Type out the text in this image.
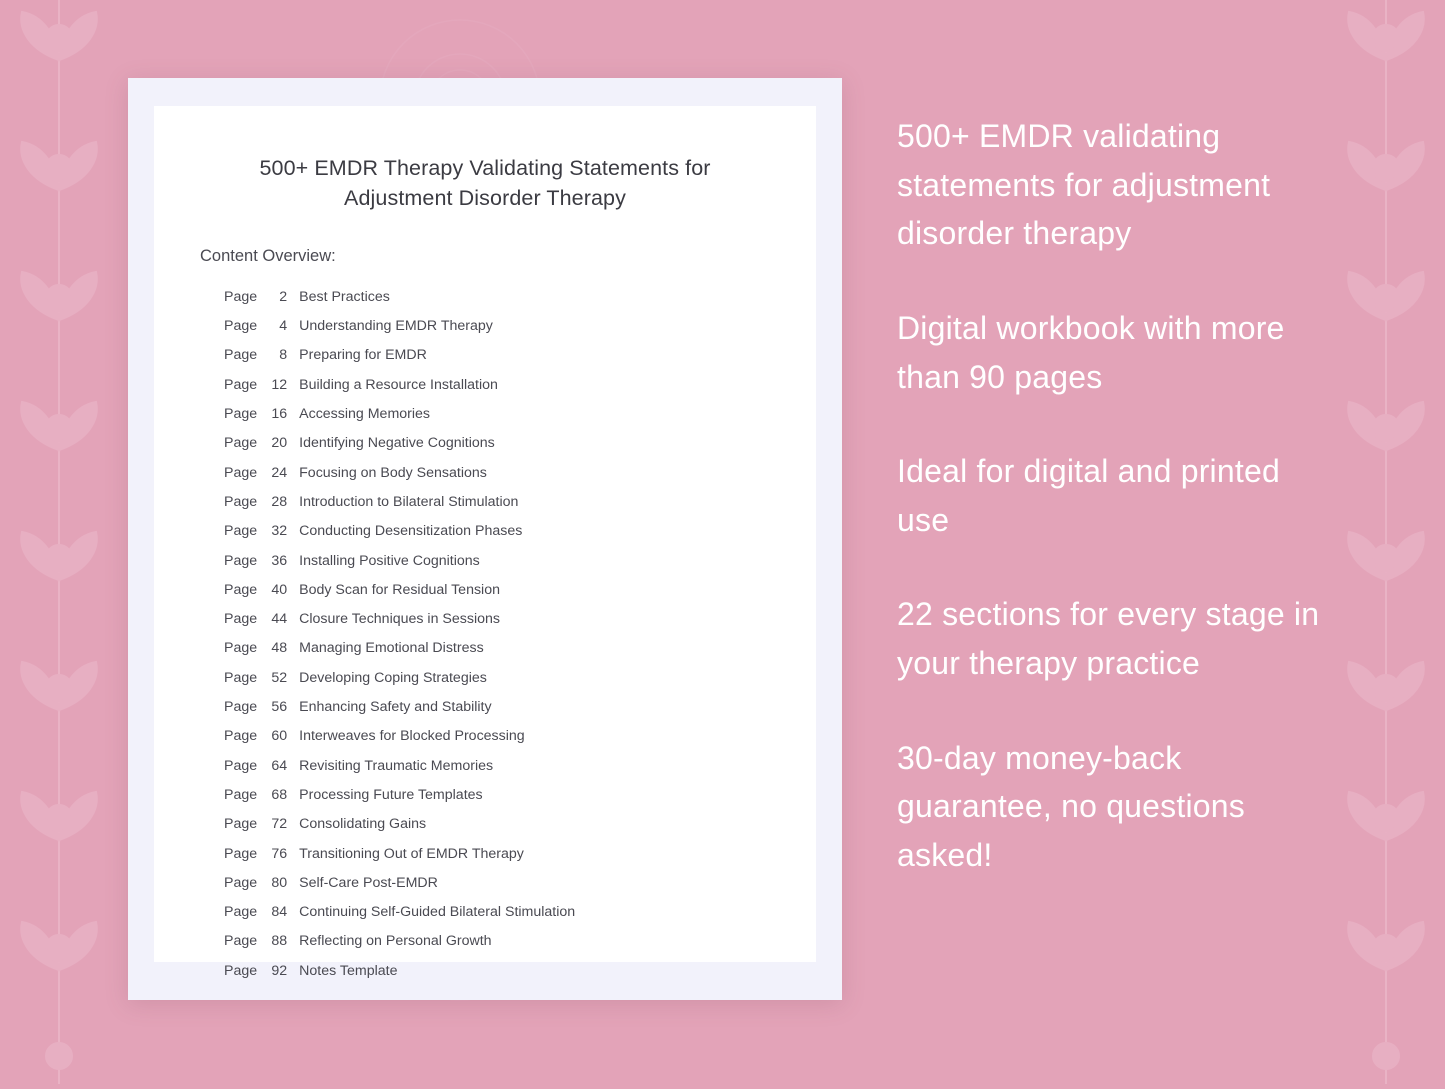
500+ EMDR Therapy Validating Statements for Adjustment Disorder Therapy
Content Overview:
Page	2 Best Practices
Page	4 Understanding EMDR Therapy
Page	8 Preparing for EMDR
Page	12 Building a Resource Installation
Page	16 Accessing Memories
Page	20 Identifying Negative Cognitions
Page	24 Focusing on Body Sensations
Page	28 Introduction to Bilateral Stimulation
Page	32 Conducting Desensitization Phases
Page	36 Installing Positive Cognitions
Page	40 Body Scan for Residual Tension
Page	44 Closure Techniques in Sessions
Page	48 Managing Emotional Distress
Page	52 Developing Coping Strategies
Page	56 Enhancing Safety and Stability
Page	60 Interweaves for Blocked Processing
Page	64 Revisiting Traumatic Memories
Page	68 Processing Future Templates
Page	72 Consolidating Gains
Page	76 Transitioning Out of EMDR Therapy
Page	80 Self-Care Post-EMDR
Page	84 Continuing Self-Guided Bilateral Stimulation
Page	88 Reflecting on Personal Growth
Page	92 Notes Template

500+ EMDR validating statements for adjustment disorder therapy

Digital workbook with more than 90 pages

Ideal for digital and printed use

22 sections for every stage in your therapy practice

30-day money-back guarantee, no questions asked!
